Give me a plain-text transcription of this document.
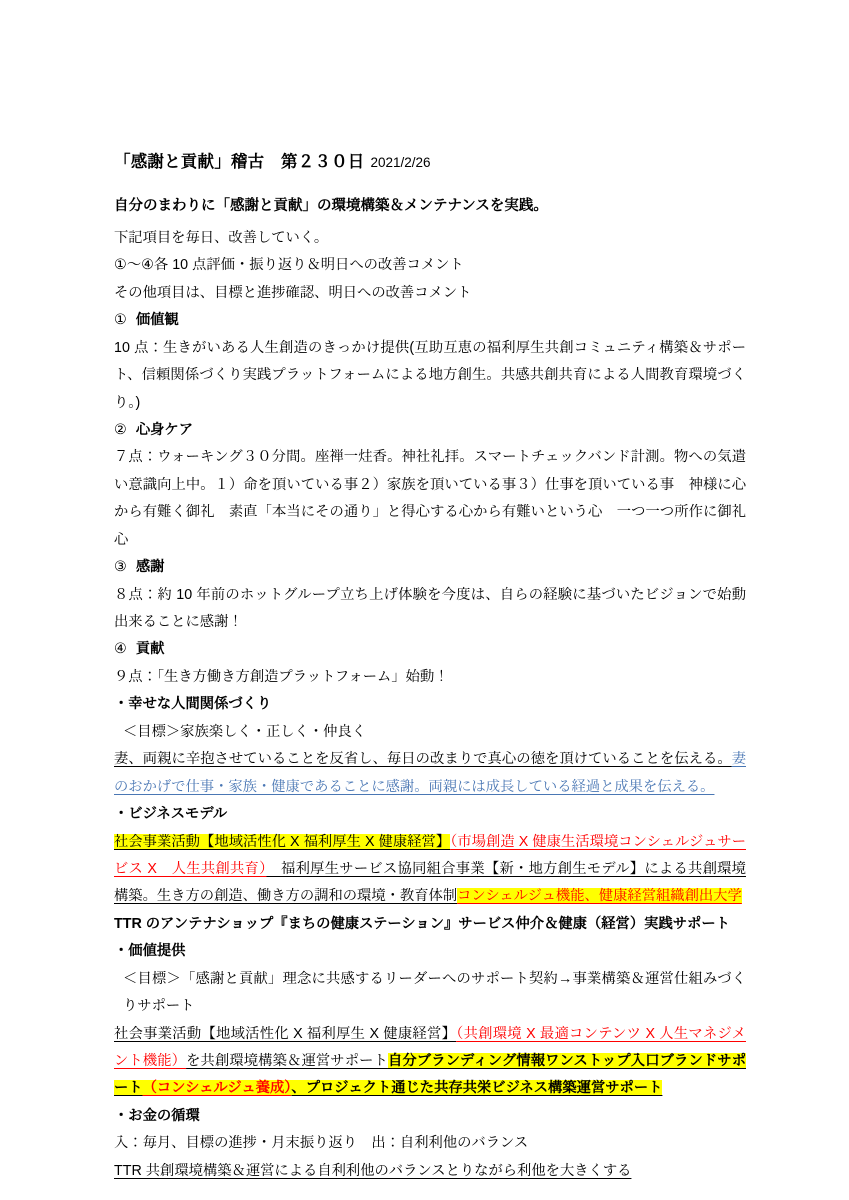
「感謝と貢献」稽古　第２３０日 2021/2/26

自分のまわりに「感謝と貢献」の環境構築＆メンテナンスを実践。

下記項目を毎日、改善していく。

①～④各 10 点評価・振り返り＆明日への改善コメント

その他項目は、目標と進捗確認、明日への改善コメント

① 価値観

10 点：生きがいある人生創造のきっかけ提供(互助互恵の福利厚生共創コミュニティ構築＆サポート、信頼関係づくり実践プラットフォームによる地方創生。共感共創共育による人間教育環境づくり。)

② 心身ケア

７点：ウォーキング３０分間。座禅一炷香。神社礼拝。スマートチェックバンド計測。物への気遣い意識向上中。１）命を頂いている事２）家族を頂いている事３）仕事を頂いている事　神様に心から有難く御礼　素直「本当にその通り」と得心する心から有難いという心　一つ一つ所作に御礼心

③ 感謝

８点：約 10 年前のホットグループ立ち上げ体験を今度は、自らの経験に基づいたビジョンで始動出来ることに感謝！

④ 貢献

９点：「生き方働き方創造プラットフォーム」始動！

・幸せな人間関係づくり

＜目標＞家族楽しく・正しく・仲良く

妻、両親に辛抱させていることを反省し、毎日の改まりで真心の徳を頂けていることを伝える。妻のおかげで仕事・家族・健康であることに感謝。両親には成長している経過と成果を伝える。

・ビジネスモデル

社会事業活動【地域活性化 X 福利厚生 X 健康経営】（市場創造 X 健康生活環境コンシェルジュサービス X　人生共創共育）　福利厚生サービス協同組合事業【新・地方創生モデル】による共創環境構築。生き方の創造、働き方の調和の環境・教育体制コンシェルジュ機能、健康経営組織創出大学

TTR のアンテナショップ『まちの健康ステーション』サービス仲介＆健康（経営）実践サポート

・価値提供

＜目標＞「感謝と貢献」理念に共感するリーダーへのサポート契約→事業構築＆運営仕組みづくりサポート

社会事業活動【地域活性化 X 福利厚生 X 健康経営】（共創環境 X 最適コンテンツ X 人生マネジメント機能）を共創環境構築＆運営サポート自分ブランディング情報ワンストップ入口ブランドサポート（コンシェルジュ養成）、プロジェクト通じた共存共栄ビジネス構築運営サポート

・お金の循環

入：毎月、目標の進捗・月末振り返り　出：自利利他のバランス

TTR 共創環境構築＆運営による自利利他のバランスとりながら利他を大きくする
